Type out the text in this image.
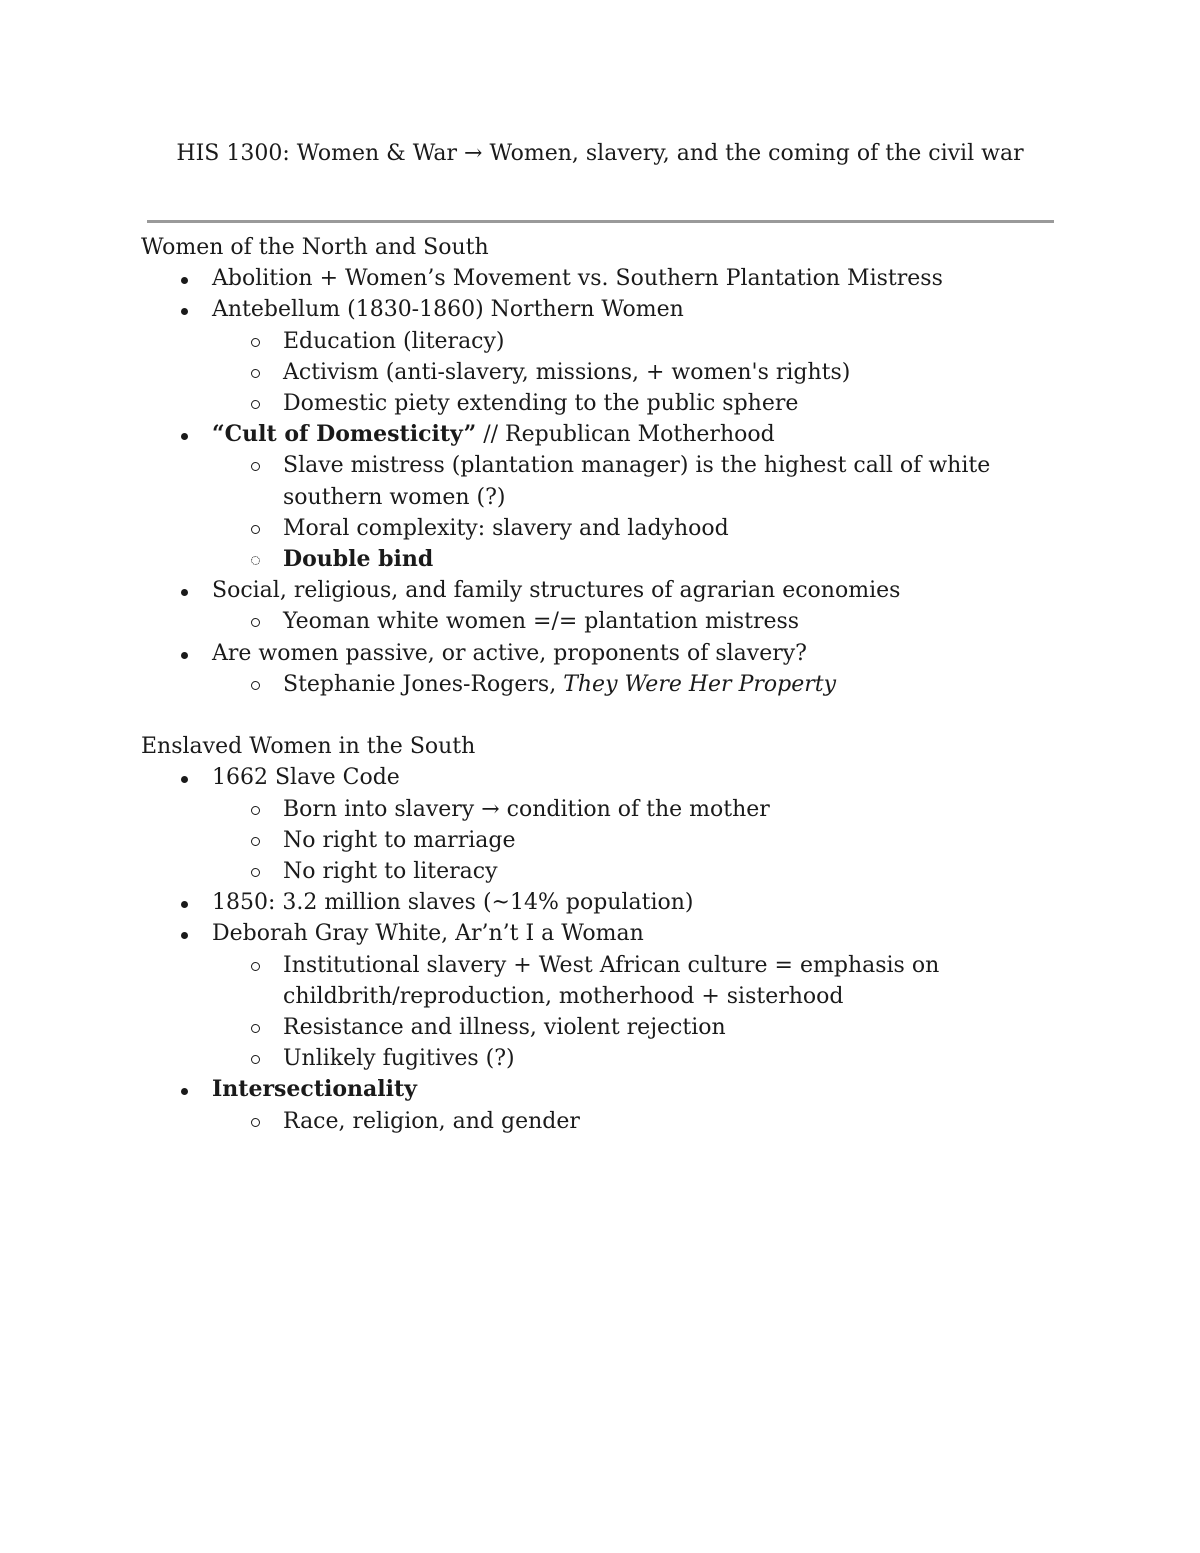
HIS 1300: Women & War → Women, slavery, and the coming of the civil war
Women of the North and South
Abolition + Women’s Movement vs. Southern Plantation Mistress
Antebellum (1830-1860) Northern Women
Education (literacy)
Activism (anti-slavery, missions, + women's rights)
Domestic piety extending to the public sphere
“Cult of Domesticity” // Republican Motherhood
Slave mistress (plantation manager) is the highest call of white southern women (?)
Moral complexity: slavery and ladyhood
Double bind
Social, religious, and family structures of agrarian economies
Yeoman white women =/= plantation mistress
Are women passive, or active, proponents of slavery?
Stephanie Jones-Rogers, They Were Her Property
Enslaved Women in the South
1662 Slave Code
Born into slavery → condition of the mother
No right to marriage
No right to literacy
1850: 3.2 million slaves (~14% population)
Deborah Gray White, Ar’n’t I a Woman
Institutional slavery + West African culture = emphasis on childbrith/reproduction, motherhood + sisterhood
Resistance and illness, violent rejection
Unlikely fugitives (?)
Intersectionality
Race, religion, and gender
